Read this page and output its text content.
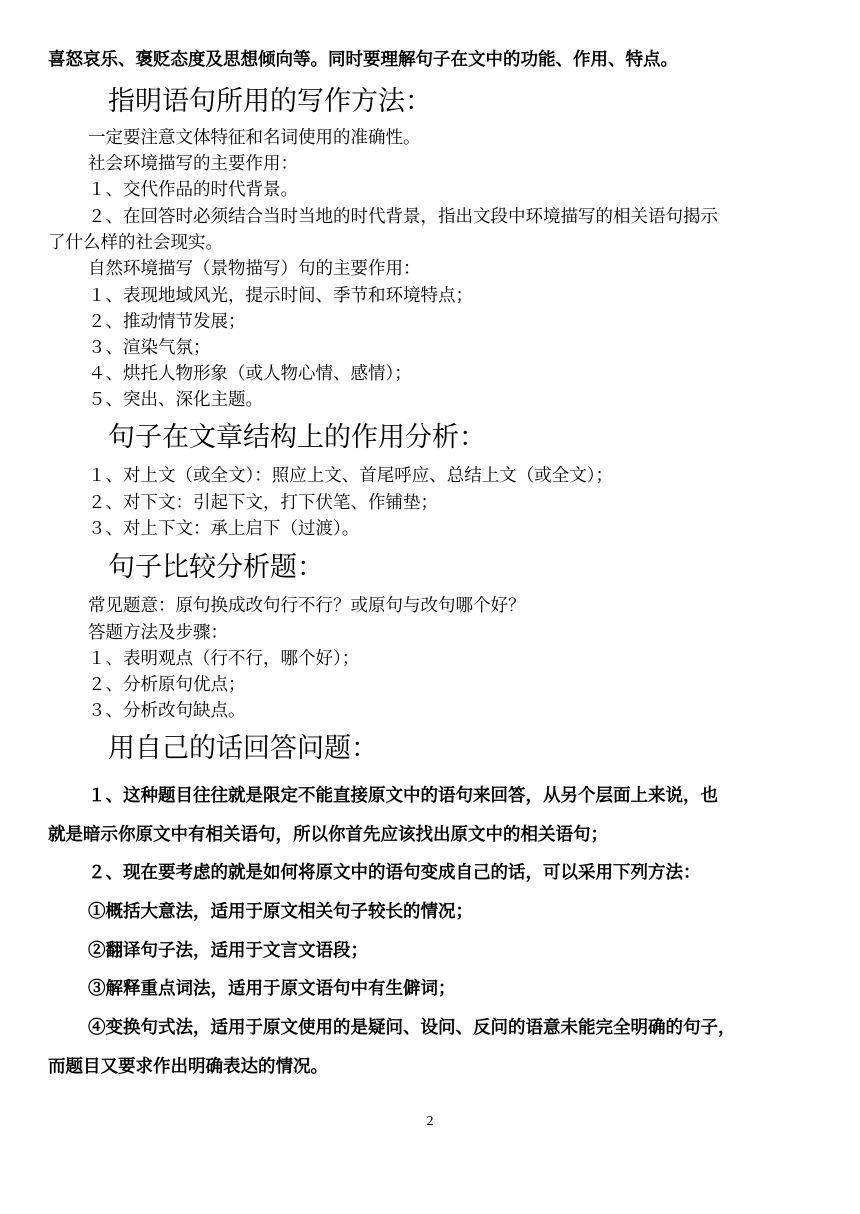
喜怒哀乐、褒贬态度及思想倾向等。同时要理解句子在文中的功能、作用、特点。
指明语句所用的写作方法：
一定要注意文体特征和名词使用的准确性。
社会环境描写的主要作用：
１、交代作品的时代背景。
２、在回答时必须结合当时当地的时代背景，指出文段中环境描写的相关语句揭示
了什么样的社会现实。
自然环境描写（景物描写）句的主要作用：
１、表现地域风光，提示时间、季节和环境特点；
２、推动情节发展；
３、渲染气氛；
４、烘托人物形象（或人物心情、感情）；
５、突出、深化主题。
句子在文章结构上的作用分析：
１、对上文（或全文）：照应上文、首尾呼应、总结上文（或全文）；
２、对下文：引起下文，打下伏笔、作铺垫；
３、对上下文：承上启下（过渡）。
句子比较分析题：
常见题意：原句换成改句行不行？或原句与改句哪个好？
答题方法及步骤：
１、表明观点（行不行，哪个好）；
２、分析原句优点；
３、分析改句缺点。
用自己的话回答问题：
１、这种题目往往就是限定不能直接原文中的语句来回答，从另个层面上来说，也
就是暗示你原文中有相关语句，所以你首先应该找出原文中的相关语句；
２、现在要考虑的就是如何将原文中的语句变成自己的话，可以采用下列方法：
①概括大意法，适用于原文相关句子较长的情况；
②翻译句子法，适用于文言文语段；
③解释重点词法，适用于原文语句中有生僻词；
④变换句式法，适用于原文使用的是疑问、设问、反问的语意未能完全明确的句子，
而题目又要求作出明确表达的情况。
2
